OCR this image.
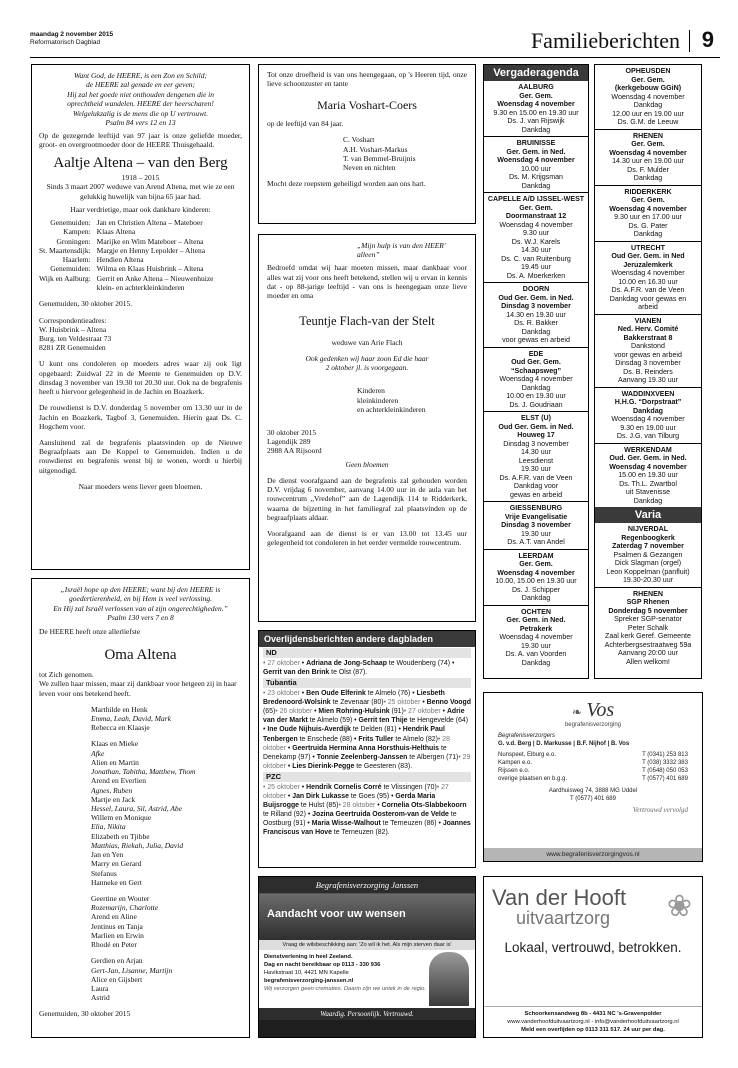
maandag 2 november 2015
Reformatorisch Dagblad	Familieberichten 9

Want God, de HEERE, is een Zon en Schild;

de HEERE zal genade en eer geven;

Hij zal het goede niet onthouden dengenen die in

oprechtheid wandelen. HEERE der heerscharen!

Welgelukzalig is de mens die op U vertrouwt.

Psalm 84 vers 12 en 13

Op de gezegende leeftijd van 97 jaar is onze geliefde moeder, groot- en overgrootmoeder door de HEERE Thuisgehaald.

Aaltje Altena – van den Berg

1918 – 2015

Sinds 3 maart 2007 weduwe van Arend Altena, met wie ze een gelukkig huwelijk van bijna 65 jaar had.

Haar verdrietige, maar ook dankbare kinderen:

Genemuiden:	Jan en Christien Altena – Mateboer
Kampen:	Klaas Altena
Groningen:	Marijke en Wim Mateboer – Altena
St. Maartensdijk:	Margje en Henny Lepolder – Altena
Haarlem:	Hendien Altena
Genemuiden:	Wilma en Klaas Huisbrink – Altena
Wijk en Aalburg:	Gerrit en Anke Altena – Nieuwenhuize
	klein- en achterkleinkinderen

Genemuiden, 30 oktober 2015.

Correspondentieadres:

W. Huisbrink – Altena

Burg. ten Veldestraat 73

8281 ZR Genemuiden

U kunt ons condoleren op moeders adres waar zij ook ligt opgebaard: Zuidwal 22 in de Meente te Genemuiden op D.V. dinsdag 3 november van 19.30 tot 20.30 uur. Ook na de begrafenis heeft u hiervoor gelegenheid in de Jachin en Boazkerk.

De rouwdienst is D.V. donderdag 5 november om 13.30 uur in de Jachin en Boazkerk, Tagbof 3, Genemuiden. Hierin gaat Ds. C. Hogchem voor.

Aansluitend zal de begrafenis plaatsvinden op de Nieuwe Begraafplaats aan De Koppel te Genemuiden. Indien u de rouwdienst en begrafenis wenst bij te wonen, wordt u hierbij uitgenodigd.

Naar moeders wens liever geen bloemen.

„Israël hope op den HEERE; want bij den HEERE is

goedertierenheid, en bij Hem is veel verlossing.

En Hij zal Israël verlossen van al zijn ongerechtigheden.”

Psalm 130 vers 7 en 8

De HEERE heeft onze allerliefste

Oma Altena

tot Zich genomen.

We zullen haar missen, maar zij dankbaar voor hetgeen zij in haar leven voor ons betekend heeft.

Marthilde en Henk

Emma, Leah, David, Mark

Rebecca en Klaasje

Klaas en Mieke

Afke

Alien en Martin

Jonathan, Tabitha, Matthew, Thom

Arend en Everlien

Agnes, Ruben

Martje en Jack

Hessel, Laura, Sil, Astrid, Abe

Willem en Monique

Elia, Nikita

Elizabeth en Tjibbe

Matthias, Riekah, Julia, David

Jan en Yen

Marry en Gerard

Stefanus

Hanneke en Gert

Geertine en Wouter

Rozemarijn, Charlotte

Arend en Aline

Jentinus en Tanja

Marlien en Erwin

Rhodé en Peter

Gerdien en Arjan

Gert-Jan, Lisanne, Martijn

Alice en Gijsbert

Laura

Astrid

Genemuiden, 30 oktober 2015

Tot onze droefheid is van ons heengegaan, op 's Heeren tijd, onze lieve schoonzuster en tante

Maria Voshart-Coers

op de leeftijd van 84 jaar.

C. Voshart

A.H. Voshart-Markus

T. van Bemmel-Bruijnis

Neven en nichten

Mocht deze roepstem geheiligd worden aan ons hart.

„Mijn hulp is van den HEER' alleen”

Bedroefd omdat wij haar moeten missen, maar dankbaar voor alles wat zij voor ons heeft betekend, stellen wij u ervan in kennis dat - op 88-jarige leeftijd - van ons is heengegaan onze lieve moeder en oma

Teuntje Flach-van der Stelt

weduwe van Arie Flach

Ook gedenken wij haar zoon Ed die haar

2 oktober jl. is voorgegaan.

Kinderen

kleinkinderen

en achterkleinkinderen

30 oktober 2015

Lagendijk 289

2988 AA Rijsoord

Geen bloemen

De dienst voorafgaand aan de begrafenis zal gehouden worden D.V. vrijdag 6 november, aanvang 14.00 uur in de aula van het rouwcentrum „Vredehof” aan de Lagendijk 114 te Ridderkerk, waarna de bijzetting in het familiegraf zal plaatsvinden op de begraafplaats aldaar.

Voorafgaand aan de dienst is er van 13.00 tot 13.45 uur gelegenheid tot condoleren in het eerder vermelde rouwcentrum.

Overlijdensberichten andere dagbladen
ND
• 27 oktober • Adriana de Jong-Schaap te Woudenberg (74) • Gerrit van den Brink te Olst (87).
Tubantia
• 23 oktober • Ben Oude Elferink te Almelo (76) • Liesbeth Bredenoord-Wolsink te Zevenaar (80)• 25 oktober • Benno Voogd (65)• 26 oktober • Mien Rohring-Hulsink (91)• 27 oktober • Adrie van der Markt te Almelo (59) • Gerrit ten Thije te Hengevelde (64) • Ine Oude Nijhuis-Averdijk te Delden (81) • Hendrik Paul Tenbergen te Enschede (88) • Frits Tuller te Almelo (82)• 28 oktober • Geertruida Hermina Anna Horsthuis-Helthuis te Denekamp (97) • Tonnie Zeelenberg-Janssen te Albergen (71)• 29 oktober • Lies Dierink-Pegge te Geesteren (83).
PZC
• 25 oktober • Hendrik Cornelis Corré te Vlissingen (70)• 27 oktober • Jan Dirk Lukasse te Goes (95) • Gerda Maria Buijsrogge te Hulst (85)• 28 oktober • Cornelia Ots-Slabbekoorn te Rilland (92) • Jozina Geertruida Oosterom-van de Velde te Oostburg (91) • Maria Wisse-Walhout te Terneuzen (86) • Joannes Franciscus van Hove te Terneuzen (82).
Begrafenisverzorging Janssen
Aandacht voor uw wensen
Vraag de wilsbeschikking aan: 'Zo wil ik het. Als mijn sterven daar is'

Dienstverlening in heel Zeeland.

Dag en nacht bereikbaar op 0113 - 330 936

Havikstraat 10, 4421 MN Kapelle

begrafenisverzorging-janssen.nl

Wij verzorgen geen crematies. Daarin zijn we uniek in de regio.

Waardig. Persoonlijk. Vertrouwd.
Vergaderagenda
AALBURG
Ger. Gem.
Woensdag 4 november
9.30 en 15.00 en 19.30 uur
Ds. J. van Rijswijk
Dankdag
BRUINISSE
Ger. Gem. in Ned.
Woensdag 4 november
10.00 uur
Ds. M. Krijgsman
Dankdag
CAPELLE A/D IJSSEL-WEST
Ger. Gem.
Doormanstraat 12
Woensdag 4 november
9.30 uur
Ds. W.J. Karels
14.30 uur
Ds. C. van Ruitenburg
19.45 uur
Ds. A. Moerkerken
DOORN
Oud Ger. Gem. in Ned.
Dinsdag 3 november
14.30 en 19.30 uur
Ds. R. Bakker
Dankdag
voor gewas en arbeid
EDE
Oud Ger. Gem.
“Schaapsweg”
Woensdag 4 november
Dankdag
10.00 en 19.30 uur
Ds. J. Goudriaan
ELST (U)
Oud Ger. Gem. in Ned.
Houweg 17
Dinsdag 3 november
14.30 uur
Leesdienst
19.30 uur
Ds. A.F.R. van de Veen
Dankdag voor
gewas en arbeid
GIESSENBURG
Vrije Evangelisatie
Dinsdag 3 november
19.30 uur
Ds. A.T. van Andel
LEERDAM
Ger. Gem.
Woensdag 4 november
10.00, 15.00 en 19.30 uur
Ds. J. Schipper
Dankdag
OCHTEN
Ger. Gem. in Ned.
Petrakerk
Woensdag 4 november
19.30 uur
Ds. A. van Voorden
Dankdag
OPHEUSDEN
Ger. Gem.
(kerkgebouw GGiN)
Woensdag 4 november
Dankdag
12.00 uur en 19.00 uur
Ds. G.M. de Leeuw
RHENEN
Ger. Gem.
Woensdag 4 november
14.30 uur en 19.00 uur
Ds. F. Mulder
Dankdag
RIDDERKERK
Ger. Gem.
Woensdag 4 november
9.30 uur en 17.00 uur
Ds. G. Pater
Dankdag
UTRECHT
Oud Ger. Gem. in Ned
Jeruzalemkerk
Woensdag 4 november
10.00 en 16.30 uur
Ds. A.F.R. van de Veen
Dankdag voor gewas en
arbeid
VIANEN
Ned. Herv. Comité
Bakkerstraat 8
Dankstond
voor gewas en arbeid
Dinsdag 3 november
Ds. B. Reinders
Aanvang 19.30 uur
WADDINXVEEN
H.H.G. “Dorpstraat”
Dankdag
Woensdag 4 november
9.30 en 19.00 uur
Ds. J.G. van Tilburg
WERKENDAM
Oud. Ger. Gem. in Ned.
Woensdag 4 november
15.00 en 19.30 uur
Ds. Th.L. Zwartbol
uit Stavenisse
Dankdag
Varia
NIJVERDAL
Regenboogkerk
Zaterdag 7 november
Psalmen & Gezangen
Dick Slagman (orgel)
Leon Koppelman (panfluit)
19.30-20.30 uur
RHENEN
SGP Rhenen
Donderdag 5 november
Spreker SGP-senator
Peter Schalk
Zaal kerk Geref. Gemeente
Achterbergsestraatweg 59a
Aanvang 20:00 uur
Allen welkom!
❧ Vos
begrafenisverzorging

Begrafenisverzorgers

G. v.d. Berg | D. Markusse | B.F. Nijhof | B. Vos

Nunspeet, Elburg e.o.	T (0341) 253 813
Kampen e.o.	T (038) 3332 383
Rijssen e.o.	T (0548) 050 053
overige plaatsen en b.g.g.	T (0577) 401 689

Aardhuisweg 74, 3888 MG Uddel

T (0577) 401 689

Vertrouwd vervolgd

www.begrafenisverzorgingvos.nl
Van der Hooft
uitvaartzorg	❀
Lokaal, vertrouwd, betrokken.

Schoorkensandweg 8b - 4431 NC 's-Gravenpolder

www.vanderhoofduitvaartzorg.nl - info@vanderhoofduitvaartzorg.nl

Meld een overlijden op 0113 311 517. 24 uur per dag.
